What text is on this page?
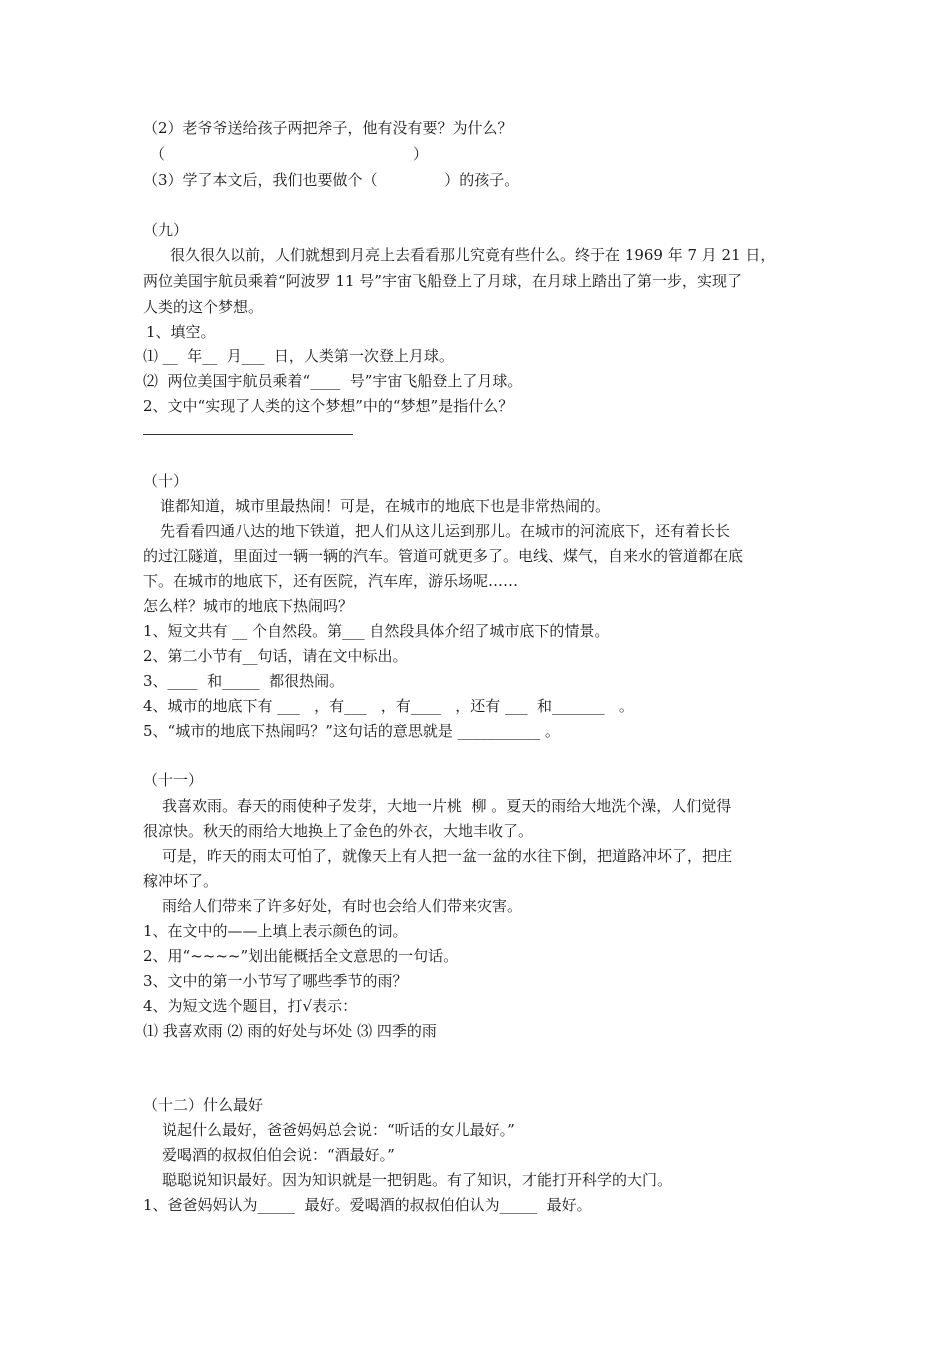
（2）老爷爷送给孩子两把斧子，他有没有要？为什么？
（                                                    ）
（3）学了本文后，我们也要做个（              ）的孩子。
（九）
很久很久以前，人们就想到月亮上去看看那儿究竟有些什么。终于在 1969 年 7 月 21 日，
两位美国宇航员乘着“阿波罗 11 号”宇宙飞船登上了月球，在月球上踏出了第一步，实现了
人类的这个梦想。
1、填空。
⑴ __  年__  月___  日，人类第一次登上月球。
⑵  两位美国宇航员乘着“____  号”宇宙飞船登上了月球。
2、文中“实现了人类的这个梦想”中的“梦想”是指什么？
（十）
谁都知道，城市里最热闹！可是，在城市的地底下也是非常热闹的。
先看看四通八达的地下铁道，把人们从这儿运到那儿。在城市的河流底下，还有着长长
的过江隧道，里面过一辆一辆的汽车。管道可就更多了。电线、煤气，自来水的管道都在底
下。在城市的地底下，还有医院，汽车库，游乐场呢……
怎么样？城市的地底下热闹吗？
1、短文共有 __ 个自然段。第___ 自然段具体介绍了城市底下的情景。
2、第二小节有__句话，请在文中标出。
3、____  和_____  都很热闹。
4、城市的地底下有 ___   ，有___   ，有____   ，还有 ___  和_______   。
5、“城市的地底下热闹吗？”这句话的意思就是 ___________ 。
（十一）
我喜欢雨。春天的雨使种子发芽，大地一片桃  柳 。夏天的雨给大地洗个澡，人们觉得
很凉快。秋天的雨给大地换上了金色的外衣，大地丰收了。
可是，昨天的雨太可怕了，就像天上有人把一盆一盆的水往下倒，把道路冲坏了，把庄
稼冲坏了。
雨给人们带来了许多好处，有时也会给人们带来灾害。
1、在文中的——上填上表示颜色的词。
2、用“~~~~”划出能概括全文意思的一句话。
3、文中的第一小节写了哪些季节的雨？
4、为短文选个题目，打√表示：
⑴ 我喜欢雨 ⑵ 雨的好处与坏处 ⑶ 四季的雨
（十二）什么最好
说起什么最好，爸爸妈妈总会说：“听话的女儿最好。”
爱喝酒的叔叔伯伯会说：“酒最好。”
聪聪说知识最好。因为知识就是一把钥匙。有了知识，才能打开科学的大门。
1、爸爸妈妈认为_____  最好。爱喝酒的叔叔伯伯认为_____  最好。
